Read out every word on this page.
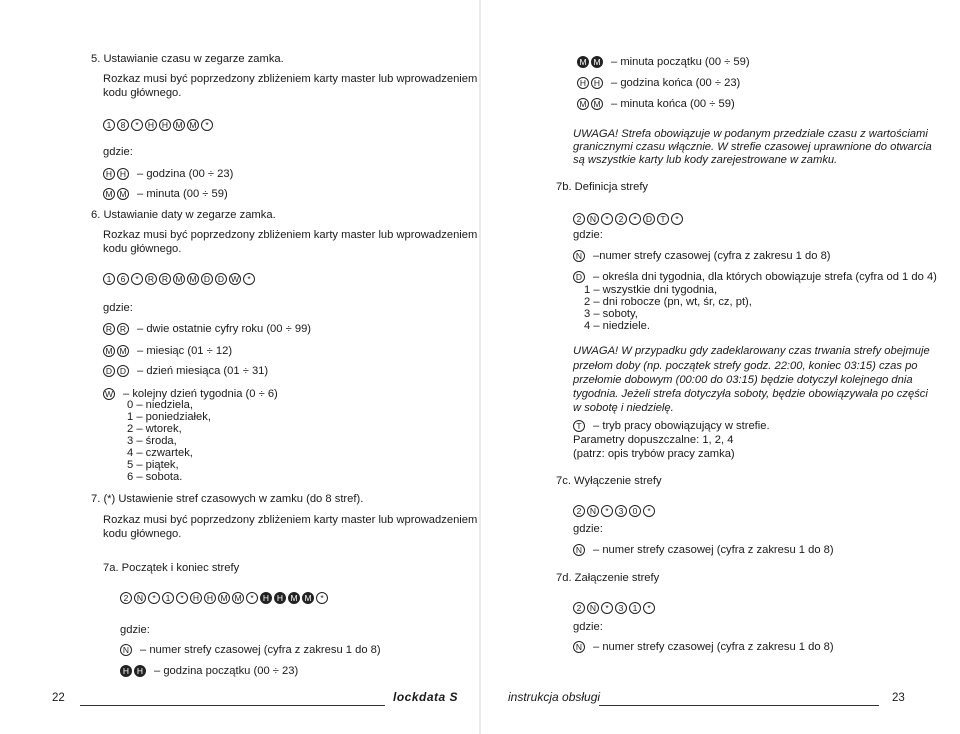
5. Ustawianie czasu w zegarze zamka.
Rozkaz musi być poprzedzony zbliżeniem karty master lub wprowadzeniem
kodu głównego.
1	8	*	H H M M	*
gdzie:
H H – godzina (00 ÷ 23)
M M – minuta (00 ÷ 59)
6. Ustawianie daty w zegarze zamka.
Rozkaz musi być poprzedzony zbliżeniem karty master lub wprowadzeniem
kodu głównego.
1	6	*	R R M M D D W *
gdzie:
R R – dwie ostatnie cyfry roku (00 ÷ 99)
M M – miesiąc (01 ÷ 12)
D D – dzień miesiąca (01 ÷ 31)
W – kolejny dzień tygodnia (0 ÷ 6)
0 – niedziela,
1 – poniedziałek,
2 – wtorek,
3 – środa,
4 – czwartek,
5 – piątek,
6 – sobota.
7. (*) Ustawienie stref czasowych w zamku (do 8 stref).
Rozkaz musi być poprzedzony zbliżeniem karty master lub wprowadzeniem
kodu głównego.
7a. Początek i koniec strefy
2	N	*	1	*	H H M M	*	H H M M	*
gdzie:
N – numer strefy czasowej (cyfra z zakresu 1 do 8)
H H – godzina początku (00 ÷ 23)
22	lockdata S
M M – minuta początku (00 ÷ 59)
H H – godzina końca (00 ÷ 23)
M M – minuta końca (00 ÷ 59)
UWAGA! Strefa obowiązuje w podanym przedziale czasu z wartościami
granicznymi czasu włącznie. W strefie czasowej uprawnione do otwarcia
są wszystkie karty lub kody zarejestrowane w zamku.
7b. Definicja strefy
2	N	*	2	*	D T	*
gdzie:
N –numer strefy czasowej (cyfra z zakresu 1 do 8)
D – określa dni tygodnia, dla których obowiązuje strefa (cyfra od 1 do 4)
1 – wszystkie dni tygodnia,
2 – dni robocze (pn, wt, śr, cz, pt),
3 – soboty,
4 – niedziele.
UWAGA! W przypadku gdy zadeklarowany czas trwania strefy obejmuje
przełom doby (np. początek strefy godz. 22:00, koniec 03:15) czas po
przełomie dobowym (00:00 do 03:15) będzie dotyczył kolejnego dnia
tygodnia. Jeżeli strefa dotyczyła soboty, będzie obowiązywała po części
w sobotę i niedzielę.
T	– tryb pracy obowiązujący w strefie.
Parametry dopuszczalne: 1, 2, 4
(patrz: opis trybów pracy zamka)
7c. Wyłączenie strefy
2	N	*	3	0	*
gdzie:
N – numer strefy czasowej (cyfra z zakresu 1 do 8)
7d. Załączenie strefy
2	N	*	3	1	*
gdzie:
N – numer strefy czasowej (cyfra z zakresu 1 do 8)
instrukcja obsługi	23
